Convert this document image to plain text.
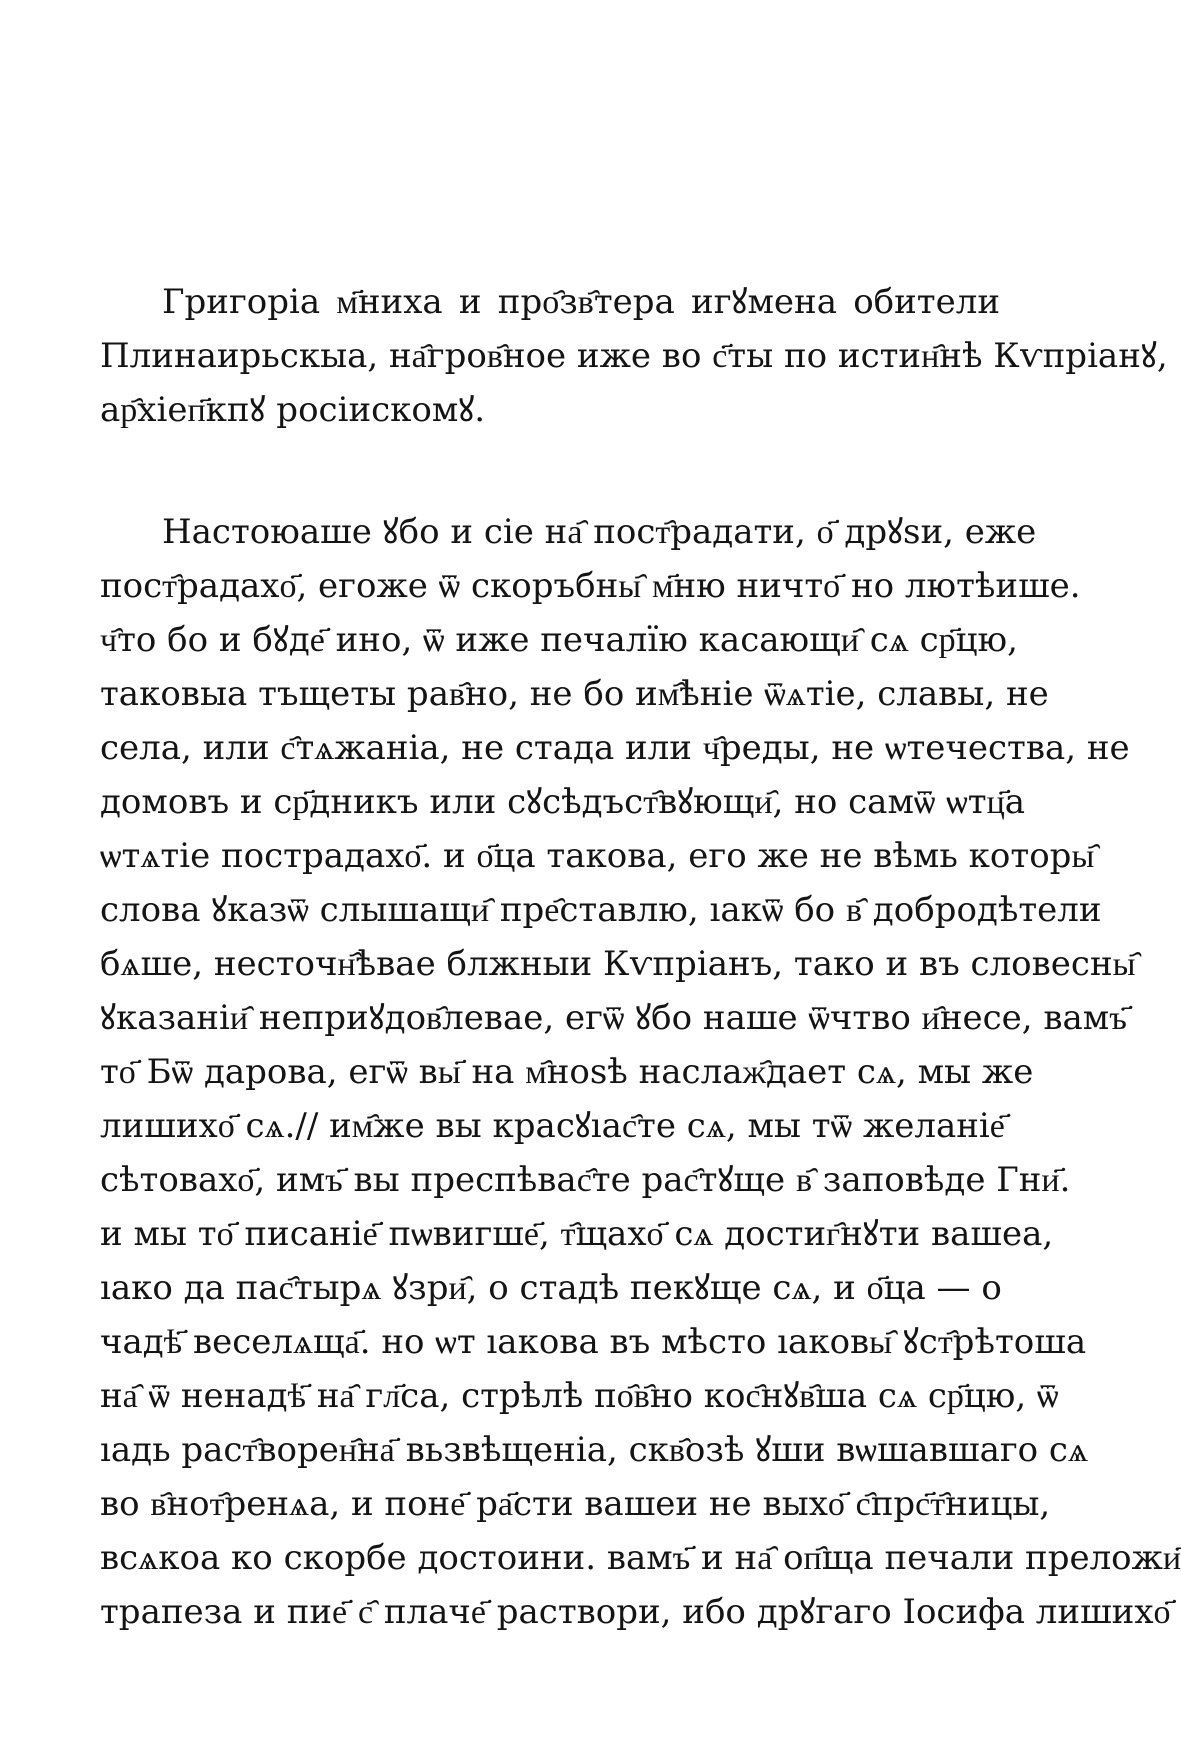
Григоріа м҃ниха и про҄зв҄тера игꙋмена обители
Плинаирьскыа, на҄гров҄ное иже во с҃ты по истин҄нѣ Кѵпріанꙋ,
ар҄хіеп҃кпꙋ росіискомꙋ.
Настоюаше ꙋбо и сіе на҄ пост҄радати, о҃ дрꙋѕи, еже
пост҄радахо҃, егоже ѿ скоръбны҄ м҃ню ничто҃ но лютѣише.
ч҄то бо и бꙋде҃ ино, ѿ иже печалїю касающи҄ сѧ ср҃цю,
таковыа тъщеты рав҄но, не бо им҄ѣніе ѿѧтіе, славы, не
села, или с҄тѧжаніа, не стада или ч҄реды, не ѡтечества, не
домовъ и ср҃дникъ или сꙋсѣдъст҄вꙋющи҄, но самѿ ѡтц҃а
ѡтѧтіе пострадахо҃. и о҃ца такова, его же не вѣмь которы҄
слова ꙋказѿ слышащи҄ пре҄ставлю, ıакѿ бо в҄ добродѣтели
бѧше, несточн҄ѣвае блжныи Кѵпріанъ, тако и въ словесны҄
ꙋказаніи҄ неприꙋдов҄левае, егѿ ꙋбо наше ѿчтво и҄несе, вамъ҃
то҃ Бѿ дарова, егѿ вы҃ на м҄ноѕѣ наслаж҄дает сѧ, мы же
лишихо҃ сѧ.// им҄же вы красꙋıас҄те сѧ, мы тѿ желаніе҃
сѣтовахо҃, имъ҃ вы преспѣвас҄те рас҄тꙋще в҄ заповѣде Гни҃.
и мы то҃ писаніе҃ пѡвигше҃, т҄щахо҃ сѧ достиг҄нꙋти вашеа,
ıако да пас҄тырѧ ꙋзри҄, о стадѣ пекꙋще сѧ, и о҃ца — о
чадѣ҃ веселѧща҃. но ѡт ıакова въ мѣсто ıаковы҄ ꙋст҄рѣтоша
на҄ ѿ ненадѣ҃ на҄ гл҃са, стрѣлѣ по҄в҄но кос҄нꙋв҄ша сѧ ср҃цю, ѿ
ıадь раст҄ворен҄на҃ вьзвѣщеніа, скв҄озѣ ꙋши вѡшавшаго сѧ
во в҄нот҄ренѧа, и поне҃ ра҃сти вашеи не выхо҃ с҄прс҃т҄ницы,
всѧкоа ко скорбе достоини. вамъ҃ и на҄ оп҄ща печали преложи҃
трапеза и пие҃ с҄ плаче҃ раствори, ибо дрꙋгаго Іосифа лишихо҃
